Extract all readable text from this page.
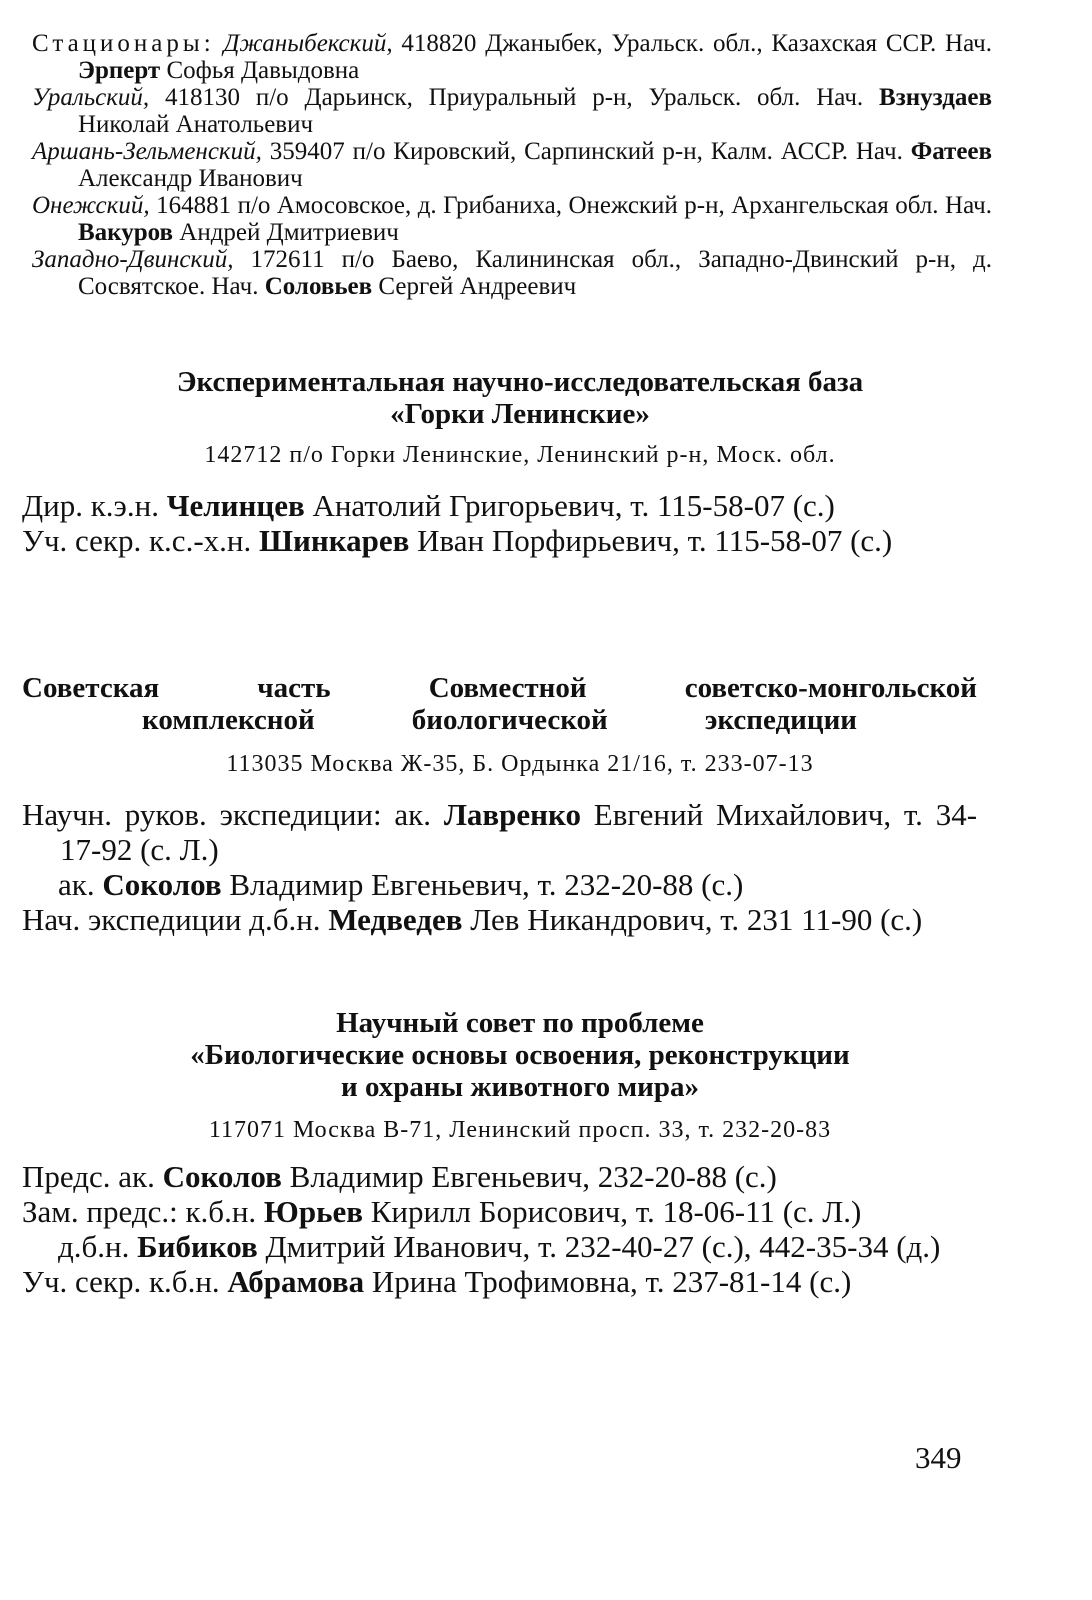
Стационары: Джаныбекский, 418820 Джаныбек, Уральск. обл., Казахская ССР. Нач. Эрперт Софья Давыдовна

Уральский, 418130 п/о Дарьинск, Приуральный р-н, Уральск. обл. Нач. Взнуздаев Николай Анатольевич

Аршань-Зельменский, 359407 п/о Кировский, Сарпинский р-н, Калм. АССР. Нач. Фатеев Александр Иванович

Онежский, 164881 п/о Амосовское, д. Грибаниха, Онежский р-н, Архангельская обл. Нач. Вакуров Андрей Дмитриевич

Западно-Двинский, 172611 п/о Баево, Калининская обл., Западно-Двинский р-н, д. Сосвятское. Нач. Соловьев Сергей Андреевич

Экспериментальная научно-исследовательская база
«Горки Ленинские»
142712 п/о Горки Ленинские, Ленинский р-н, Моск. обл.

Дир. к.э.н. Челинцев Анатолий Григорьевич, т. 115-58-07 (с.)

Уч. секр. к.с.-х.н. Шинкарев Иван Порфирьевич, т. 115-58-07 (с.)

Советская часть Совместной советско-монгольской
комплексной биологической экспедиции
113035 Москва Ж-35, Б. Ордынка 21/16, т. 233-07-13

Научн. руков. экспедиции: ак. Лавренко Евгений Михайлович, т. 34-17-92 (с. Л.)

ак. Соколов Владимир Евгеньевич, т. 232-20-88 (с.)

Нач. экспедиции д.б.н. Медведев Лев Никандрович, т. 231 11-90 (с.)

Научный совет по проблеме
«Биологические основы освоения, реконструкции
и охраны животного мира»
117071 Москва В-71, Ленинский просп. 33, т. 232-20-83

Предс. ак. Соколов Владимир Евгеньевич, 232-20-88 (с.)

Зам. предс.: к.б.н. Юрьев Кирилл Борисович, т. 18-06-11 (с. Л.)

д.б.н. Бибиков Дмитрий Иванович, т. 232-40-27 (с.), 442-35-34 (д.)

Уч. секр. к.б.н. Абрамова Ирина Трофимовна, т. 237-81-14 (с.)

349
